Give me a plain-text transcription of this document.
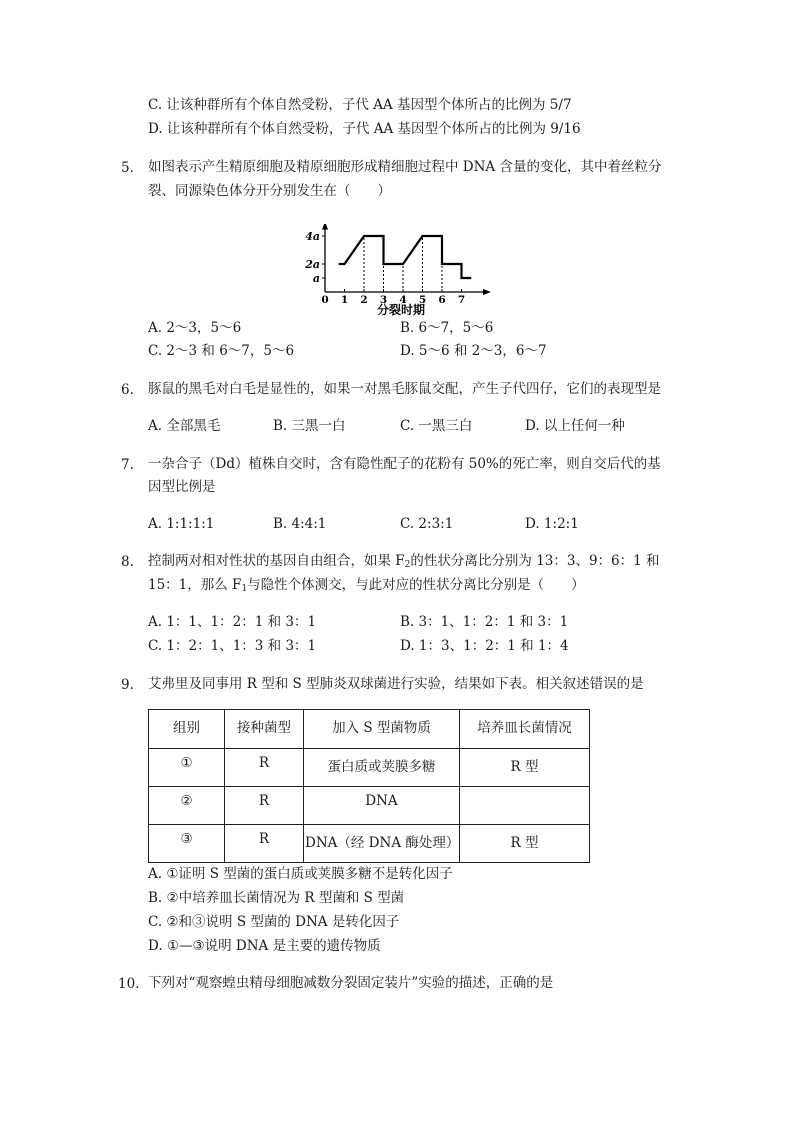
C. 让该种群所有个体自然受粉，子代 AA 基因型个体所占的比例为 5/7
D. 让该种群所有个体自然受粉，子代 AA 基因型个体所占的比例为 9/16
5. 如图表示产生精原细胞及精原细胞形成精细胞过程中 DNA 含量的变化，其中着丝粒分
裂、同源染色体分开分别发生在（　　）
a
2a
4a
0 1 2 3 4 5 6 7
分裂时期
A. 2～3，5～6	B. 6～7，5～6
C. 2～3 和 6～7，5～6	D. 5～6 和 2～3，6～7
6. 豚鼠的黑毛对白毛是显性的，如果一对黑毛豚鼠交配，产生子代四仔，它们的表现型是
A. 全部黑毛	B. 三黑一白	C. 一黑三白	D. 以上任何一种
7. 一杂合子（Dd）植株自交时，含有隐性配子的花粉有 50%的死亡率，则自交后代的基
因型比例是
A. 1:1:1:1	B. 4:4:1	C. 2:3:1	D. 1:2:1
8. 控制两对相对性状的基因自由组合，如果 $F_2$的性状分离比分别为 13：3、9：6：1 和
15：1，那么 $F_1$与隐性个体测交，与此对应的性状分离比分别是（　　）
A. 1：1、1：2：1 和 3：1	B. 3：1、1：2：1 和 3：1
C. 1：2：1、1：3 和 3：1	D. 1：3、1：2：1 和 1：4
9. 艾弗里及同事用 R 型和 S 型肺炎双球菌进行实验，结果如下表。相关叙述错误的是
组别	接种菌型	加入 S 型菌物质	培养皿长菌情况
①	R	蛋白质或荚膜多糖	R 型
②	R	DNA	
③	R	DNA（经 DNA 酶处理）	R 型
A. ①证明 S 型菌的蛋白质或荚膜多糖不是转化因子
B. ②中培养皿长菌情况为 R 型菌和 S 型菌
C. ②和③说明 S 型菌的 DNA 是转化因子
D. ①—③说明 DNA 是主要的遗传物质
10. 下列对“观察蝗虫精母细胞减数分裂固定装片”实验的描述，正确的是
